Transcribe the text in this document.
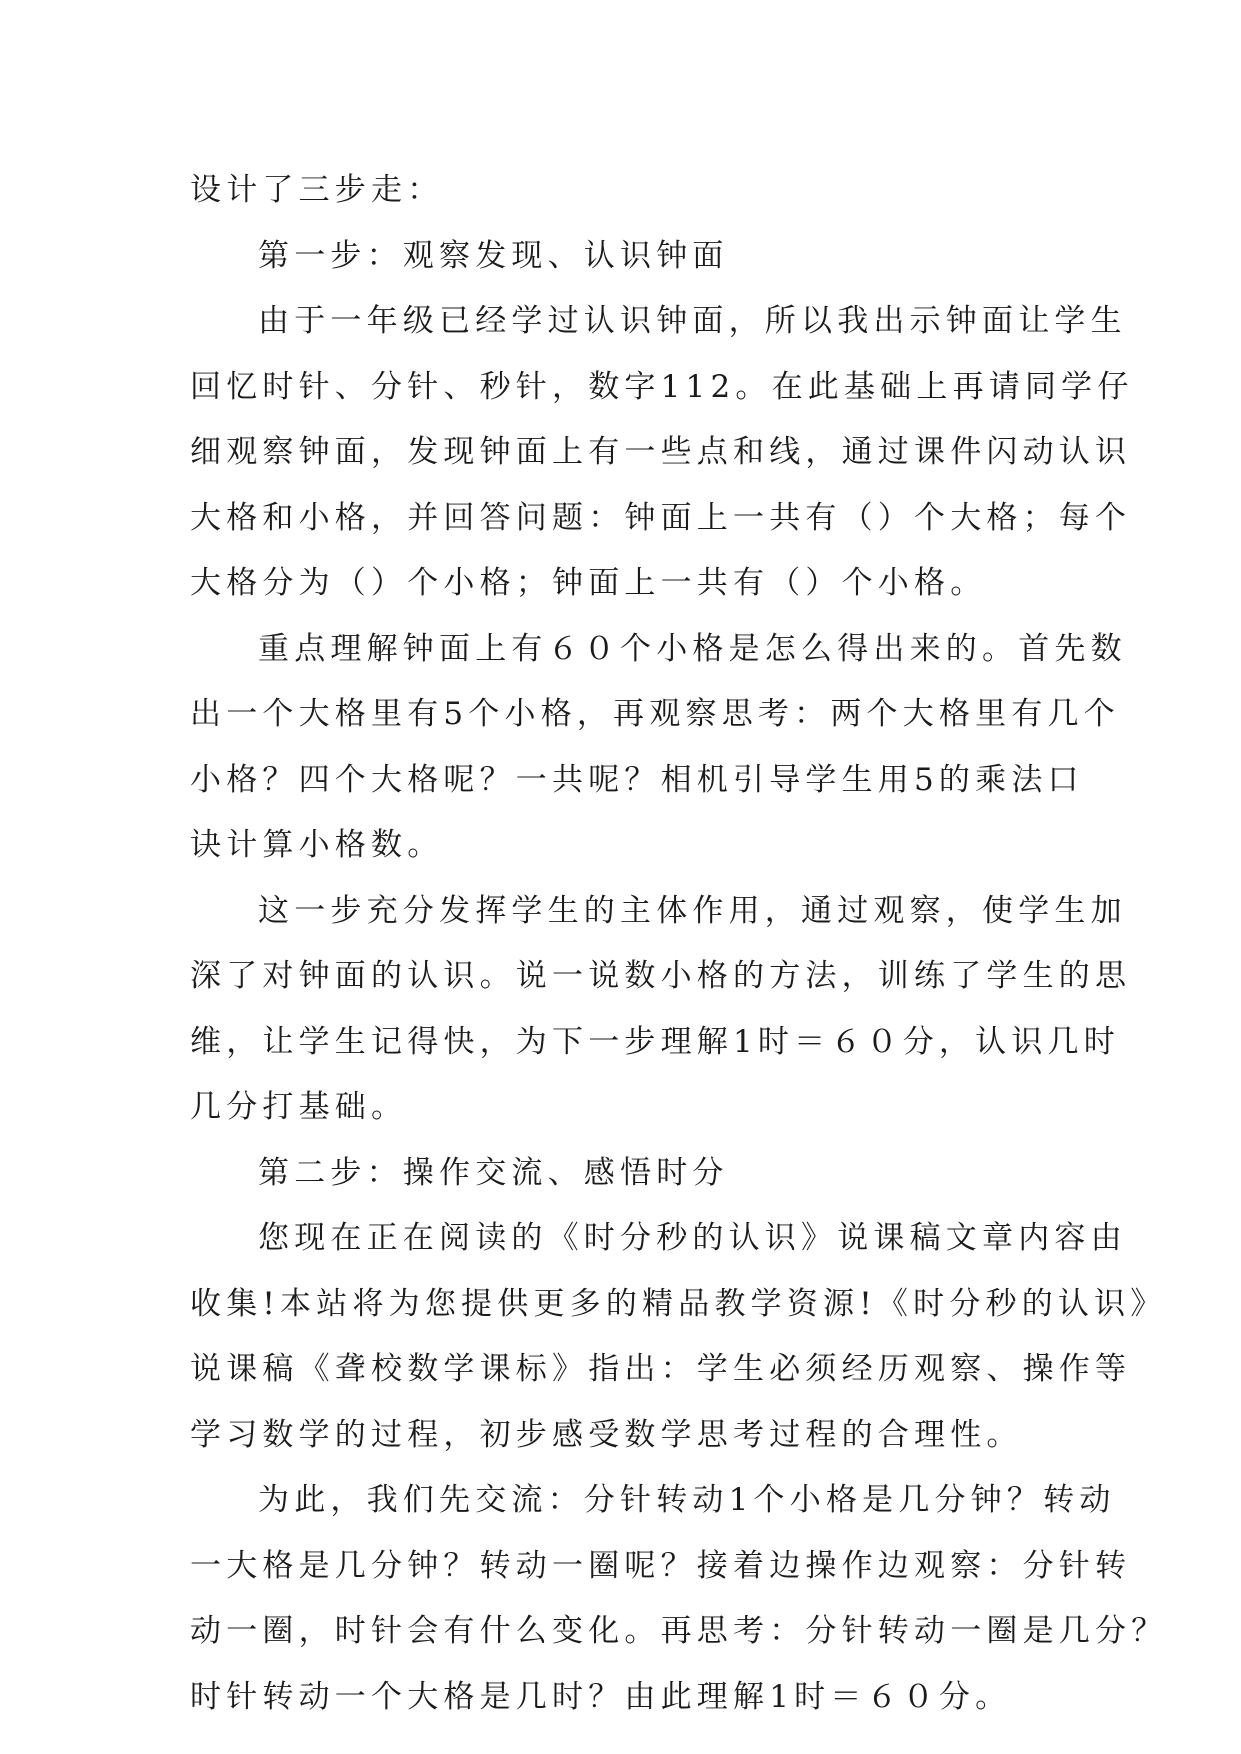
设计了三步走：
第一步：观察发现、认识钟面
由于一年级已经学过认识钟面，所以我出示钟面让学生
回忆时针、分针、秒针，数字112。在此基础上再请同学仔
细观察钟面，发现钟面上有一些点和线，通过课件闪动认识
大格和小格，并回答问题：钟面上一共有（）个大格；每个
大格分为（）个小格；钟面上一共有（）个小格。
重点理解钟面上有６０个小格是怎么得出来的。首先数
出一个大格里有5个小格，再观察思考：两个大格里有几个
小格？四个大格呢？一共呢？相机引导学生用5的乘法口
诀计算小格数。
这一步充分发挥学生的主体作用，通过观察，使学生加
深了对钟面的认识。说一说数小格的方法，训练了学生的思
维，让学生记得快，为下一步理解1时＝６０分，认识几时
几分打基础。
第二步：操作交流、感悟时分
您现在正在阅读的《时分秒的认识》说课稿文章内容由
收集!本站将为您提供更多的精品教学资源!《时分秒的认识》
说课稿《聋校数学课标》指出：学生必须经历观察、操作等
学习数学的过程，初步感受数学思考过程的合理性。
为此，我们先交流：分针转动1个小格是几分钟？转动
一大格是几分钟？转动一圈呢？接着边操作边观察：分针转
动一圈，时针会有什么变化。再思考：分针转动一圈是几分？
时针转动一个大格是几时？由此理解1时＝６０分。
